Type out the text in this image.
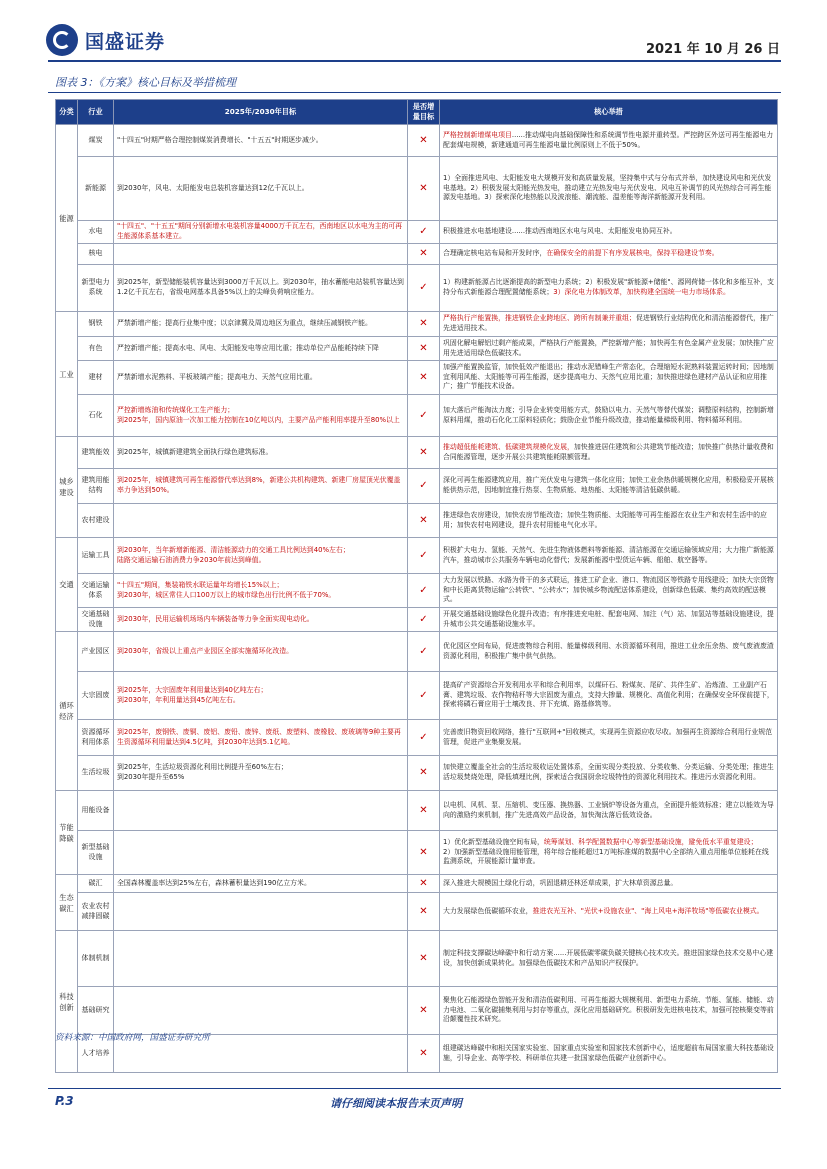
国盛证券	2021 年 10 月 26 日
图表 3：《方案》核心目标及举措梳理
分类	行业	2025年/2030年目标	是否增量目标	核心举措
能源	煤炭	"十四五"时期严格合理控制煤炭消费增长、"十五五"时期逐步减少。	✕	严格控制新增煤电项目......推动煤电向基础保障性和系统调节性电源并重转型。严控跨区外送可再生能源电力配套煤电规模，新建通道可再生能源电量比例原则上不低于50%。
	新能源	到2030年，风电、太阳能发电总装机容量达到12亿千瓦以上。	✕	1）全面推进风电、太阳能发电大规模开发和高质量发展，坚持集中式与分布式并举，加快建设风电和光伏发电基地。2）积极发展太阳能光热发电，推动建立光热发电与光伏发电、风电互补调节的风光热综合可再生能源发电基地。3）探索深化地热能以及波浪能、潮流能、温差能等海洋新能源开发利用。
	水电	"十四五"、"十五五"期间分别新增水电装机容量4000万千瓦左右，西南地区以水电为主的可再生能源体系基本建立。	✓	积极推进水电基地建设......推动西南地区水电与风电、太阳能发电协同互补。
	核电		✕	合理确定核电站布局和开发时序，在确保安全的前提下有序发展核电，保持平稳建设节奏。
	新型电力系统	到2025年，新型储能装机容量达到3000万千瓦以上。到2030年，抽水蓄能电站装机容量达到1.2亿千瓦左右，省级电网基本具备5%以上的尖峰负荷响应能力。	✓	1）构建新能源占比逐渐提高的新型电力系统；2）积极发展"新能源+储能"、源网荷储一体化和多能互补，支持分布式新能源合理配置储能系统；3）深化电力体制改革，加快构建全国统一电力市场体系。
工业	钢铁	严禁新增产能；提高行业集中度；以京津冀及周边地区为重点，继续压减钢铁产能。	✕	严格执行产能置换，推进钢铁企业跨地区、跨所有制兼并重组；促进钢铁行业结构优化和清洁能源替代，推广先进适用技术。
	有色	严控新增产能；提高水电、风电、太阳能发电等应用比重；推动单位产品能耗持续下降	✕	巩固化解电解铝过剩产能成果，严格执行产能置换，严控新增产能；加快再生有色金属产业发展；加快推广应用先进适用绿色低碳技术。
	建材	严禁新增水泥熟料、平板玻璃产能；提高电力、天然气应用比重。	✕	加强产能置换监管，加快低效产能退出；推动水泥错峰生产常态化，合理缩短水泥熟料装置运转时间；因地制宜利用风能、太阳能等可再生能源，逐步提高电力、天然气应用比重；加快推进绿色建材产品认证和应用推广；推广节能技术设备。
	石化	严控新增炼油和传统煤化工生产能力；
到2025年，国内原油一次加工能力控制在10亿吨以内，主要产品产能利用率提升至80%以上	✓	加大落后产能淘汰力度；引导企业转变用能方式，鼓励以电力、天然气等替代煤炭；调整原料结构，控制新增原料用煤，推动石化化工原料轻质化；鼓励企业节能升级改造，推动能量梯级利用、物料循环利用。
城乡建设	建筑能效	到2025年，城镇新建建筑全面执行绿色建筑标准。	✕	推动超低能耗建筑、低碳建筑规模化发展，加快推进居住建筑和公共建筑节能改造；加快推广供热计量收费和合同能源管理，逐步开展公共建筑能耗限额管理。
	建筑用能结构	到2025年，城镇建筑可再生能源替代率达到8%，新建公共机构建筑、新建厂房屋顶光伏覆盖率力争达到50%。	✓	深化可再生能源建筑应用，推广光伏发电与建筑一体化应用；加快工业余热供暖规模化应用，积极稳妥开展核能供热示范，因地制宜推行热泵、生物质能、地热能、太阳能等清洁低碳供暖。
	农村建设		✕	推进绿色农房建设，加快农房节能改造；加快生物质能、太阳能等可再生能源在农业生产和农村生活中的应用；加快农村电网建设，提升农村用能电气化水平。
交通	运输工具	到2030年，当年新增新能源、清洁能源动力的交通工具比例达到40%左右；
陆路交通运输石油消费力争2030年前达到峰值。	✓	积极扩大电力、氢能、天然气、先进生物液体燃料等新能源、清洁能源在交通运输领域应用；大力推广新能源汽车，推动城市公共服务车辆电动化替代；发展新能源中型货运车辆、船舶、航空器等。
	交通运输体系	"十四五"期间，集装箱铁水联运量年均增长15%以上；
到2030年，城区常住人口100万以上的城市绿色出行比例不低于70%。	✓	大力发展以铁路、水路为骨干的多式联运，推进工矿企业、港口、物流园区等铁路专用线建设；加快大宗货物和中长距离货物运输"公转铁"、"公转水"；加快城乡物流配送体系建设，创新绿色低碳、集约高效的配送模式。
	交通基础设施	到2030年，民用运输机场场内车辆装备等力争全面实现电动化。	✓	开展交通基础设施绿色化提升改造；有序推进充电桩、配套电网、加注（气）站、加氢站等基础设施建设，提升城市公共交通基础设施水平。
循环经济	产业园区	到2030年，省级以上重点产业园区全部实施循环化改造。	✓	优化园区空间布局，促进废物综合利用、能量梯级利用、水资源循环利用，推进工业余压余热、废气废液废渣资源化利用，积极推广集中供气供热。
	大宗固废	到2025年，大宗固废年利用量达到40亿吨左右；
到2030年，年利用量达到45亿吨左右。	✓	提高矿产资源综合开发利用水平和综合利用率，以煤矸石、粉煤灰、尾矿、共伴生矿、冶炼渣、工业副产石膏、建筑垃圾、农作物秸秆等大宗固废为重点，支持大掺量、规模化、高值化利用；在确保安全环保前提下，探索将磷石膏应用于土壤改良、井下充填、路基修筑等。
	资源循环利用体系	到2025年，废钢铁、废铜、废铝、废铅、废锌、废纸、废塑料、废橡胶、废玻璃等9种主要再生资源循环利用量达到4.5亿吨，到2030年达到5.1亿吨。	✓	完善废旧物资回收网络，推行"互联网+"回收模式，实现再生资源应收尽收。加强再生资源综合利用行业规范管理，促进产业集聚发展。
	生活垃圾	到2025年，生活垃圾资源化利用比例提升至60%左右；
到2030年提升至65%	✕	加快建立覆盖全社会的生活垃圾收运处置体系，全面实现分类投放、分类收集、分类运输、分类处理；推进生活垃圾焚烧处理，降低填埋比例，探索适合我国厨余垃圾特性的资源化利用技术。推进污水资源化利用。
节能降碳	用能设备		✕	以电机、风机、泵、压缩机、变压器、换热器、工业锅炉等设备为重点，全面提升能效标准；建立以能效为导向的激励约束机制，推广先进高效产品设备，加快淘汰落后低效设备。
	新型基础设施		✕	1）优化新型基础设施空间布局，统筹谋划、科学配置数据中心等新型基础设施，避免低水平重复建设；
2）加强新型基础设施用能管理，将年综合能耗超过1万吨标准煤的数据中心全部纳入重点用能单位能耗在线监测系统，开展能源计量审查。
生态碳汇	碳汇	全国森林覆盖率达到25%左右，森林蓄积量达到190亿立方米。	✕	深入推进大规模国土绿化行动，巩固退耕还林还草成果，扩大林草资源总量。
	农业农村减排固碳		✕	大力发展绿色低碳循环农业，推进农光互补、"光伏+设施农业"、"海上风电+海洋牧场"等低碳农业模式。
科技创新	体制机制		✕	制定科技支撑碳达峰碳中和行动方案......开展低碳零碳负碳关键核心技术攻关。推进国家绿色技术交易中心建设，加快创新成果转化。加强绿色低碳技术和产品知识产权保护。
	基础研究		✕	聚焦化石能源绿色智能开发和清洁低碳利用、可再生能源大规模利用、新型电力系统、节能、氢能、储能、动力电池、二氧化碳捕集利用与封存等重点，深化应用基础研究。积极研发先进核电技术，加强可控核聚变等前沿颠覆性技术研究。
	人才培养		✕	组建碳达峰碳中和相关国家实验室、国家重点实验室和国家技术创新中心，适度超前布局国家重大科技基础设施，引导企业、高等学校、科研单位共建一批国家绿色低碳产业创新中心。
资料来源：中国政府网，国盛证券研究所
P.3	请仔细阅读本报告末页声明
